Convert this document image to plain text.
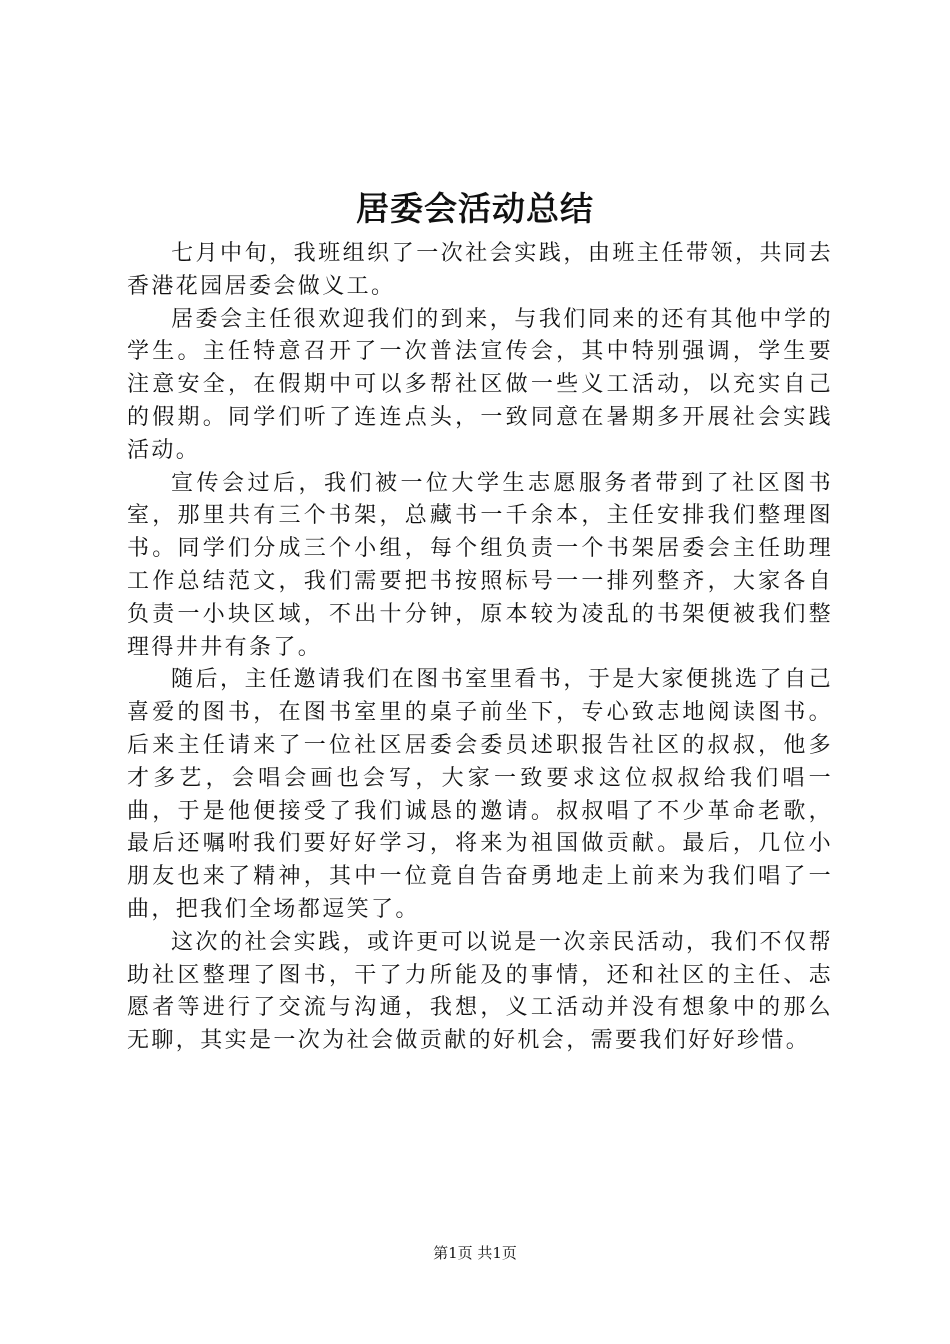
居委会活动总结

七月中旬，我班组织了一次社会实践，由班主任带领，共同去香港花园居委会做义工。

居委会主任很欢迎我们的到来，与我们同来的还有其他中学的学生。主任特意召开了一次普法宣传会，其中特别强调，学生要注意安全，在假期中可以多帮社区做一些义工活动，以充实自己的假期。同学们听了连连点头，一致同意在暑期多开展社会实践活动。

宣传会过后，我们被一位大学生志愿服务者带到了社区图书室，那里共有三个书架，总藏书一千余本，主任安排我们整理图书。同学们分成三个小组，每个组负责一个书架居委会主任助理工作总结范文，我们需要把书按照标号一一排列整齐，大家各自负责一小块区域，不出十分钟，原本较为凌乱的书架便被我们整理得井井有条了。

随后，主任邀请我们在图书室里看书，于是大家便挑选了自己喜爱的图书，在图书室里的桌子前坐下，专心致志地阅读图书。后来主任请来了一位社区居委会委员述职报告社区的叔叔，他多才多艺，会唱会画也会写，大家一致要求这位叔叔给我们唱一曲，于是他便接受了我们诚恳的邀请。叔叔唱了不少革命老歌，最后还嘱咐我们要好好学习，将来为祖国做贡献。最后，几位小朋友也来了精神，其中一位竟自告奋勇地走上前来为我们唱了一曲，把我们全场都逗笑了。

这次的社会实践，或许更可以说是一次亲民活动，我们不仅帮助社区整理了图书，干了力所能及的事情，还和社区的主任、志愿者等进行了交流与沟通，我想，义工活动并没有想象中的那么无聊，其实是一次为社会做贡献的好机会，需要我们好好珍惜。

第1页 共1页
